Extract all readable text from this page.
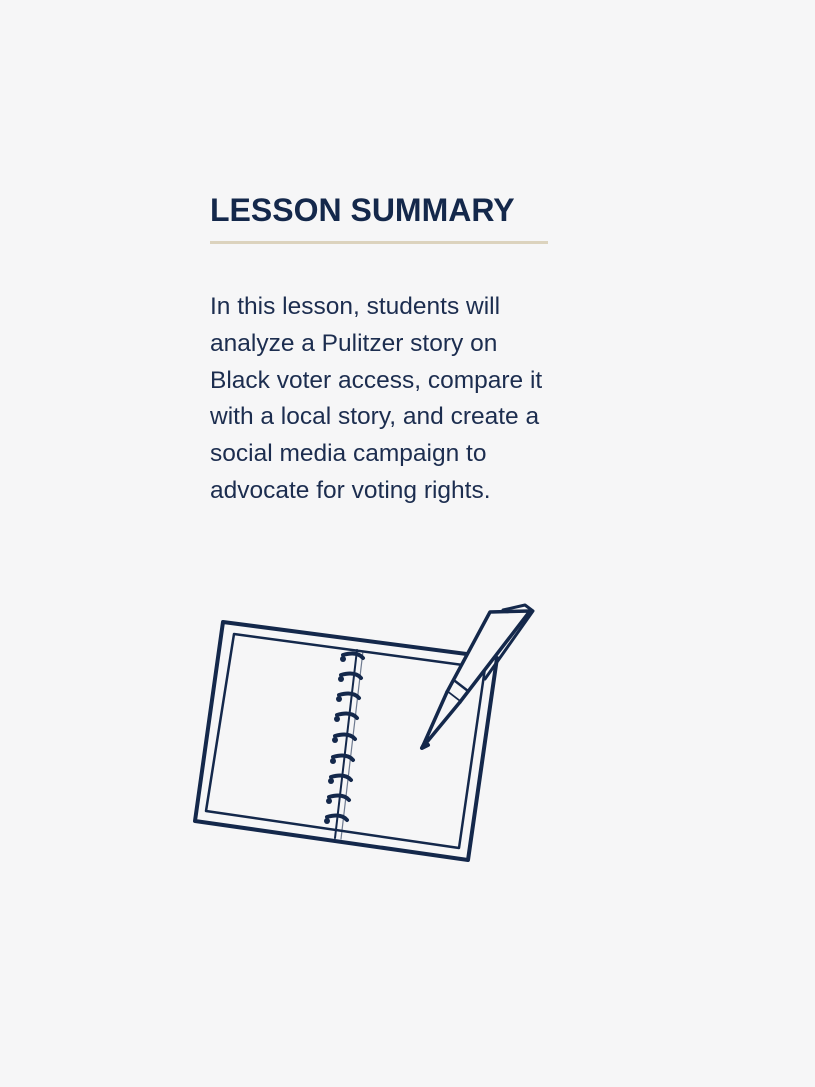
LESSON SUMMARY

In this lesson, students will analyze a Pulitzer story on Black voter access, compare it with a local story, and create a social media campaign to advocate for voting rights.
